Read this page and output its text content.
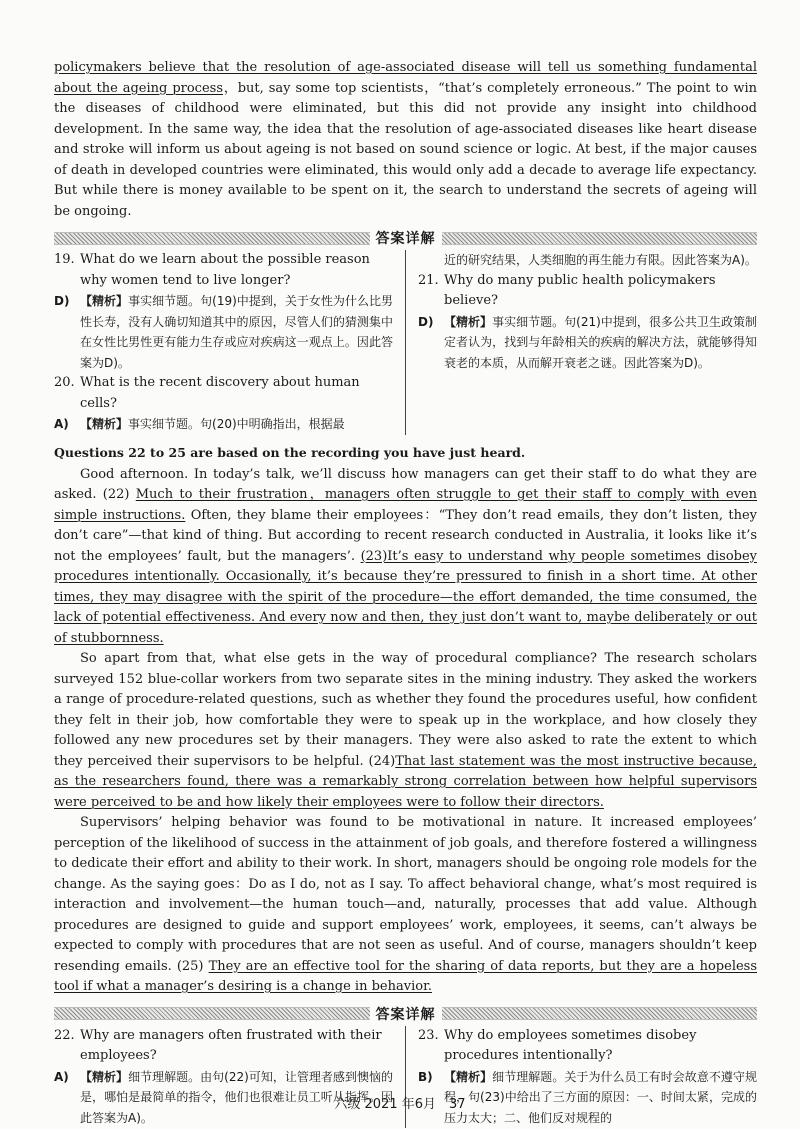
policymakers believe that the resolution of age-associated disease will tell us something fundamental about the ageing process，but, say some top scientists，“that’s completely erroneous.” The point to win the diseases of childhood were eliminated, but this did not provide any insight into childhood development. In the same way, the idea that the resolution of age-associated diseases like heart disease and stroke will inform us about ageing is not based on sound science or logic. At best, if the major causes of death in developed countries were eliminated, this would only add a decade to average life expectancy. But while there is money available to be spent on it, the search to understand the secrets of ageing will be ongoing.

答案详解
19. What do we learn about the possible reason why women tend to live longer?
D) 【精析】事实细节题。句(19)中提到，关于女性为什么比男性长寿，没有人确切知道其中的原因，尽管人们的猜测集中在女性比男性更有能力生存或应对疾病这一观点上。因此答案为D)。
20. What is the recent discovery about human cells?
A) 【精析】事实细节题。句(20)中明确指出，根据最
近的研究结果，人类细胞的再生能力有限。因此答案为A)。
21. Why do many public health policymakers believe?
D) 【精析】事实细节题。句(21)中提到，很多公共卫生政策制定者认为，找到与年龄相关的疾病的解决方法，就能够得知衰老的本质，从而解开衰老之谜。因此答案为D)。

Questions 22 to 25 are based on the recording you have just heard.

Good afternoon. In today’s talk, we’ll discuss how managers can get their staff to do what they are asked. (22) Much to their frustration，managers often struggle to get their staff to comply with even simple instructions. Often, they blame their employees：“They don’t read emails, they don’t listen, they don’t care”—that kind of thing. But according to recent research conducted in Australia, it looks like it’s not the employees’ fault, but the managers’. (23)It’s easy to understand why people sometimes disobey procedures intentionally. Occasionally, it’s because they’re pressured to finish in a short time. At other times, they may disagree with the spirit of the procedure—the effort demanded, the time consumed, the lack of potential effectiveness. And every now and then, they just don’t want to, maybe deliberately or out of stubbornness.

So apart from that, what else gets in the way of procedural compliance? The research scholars surveyed 152 blue-collar workers from two separate sites in the mining industry. They asked the workers a range of procedure-related questions, such as whether they found the procedures useful, how confident they felt in their job, how comfortable they were to speak up in the workplace, and how closely they followed any new procedures set by their managers. They were also asked to rate the extent to which they perceived their supervisors to be helpful. (24)That last statement was the most instructive because, as the researchers found, there was a remarkably strong correlation between how helpful supervisors were perceived to be and how likely their employees were to follow their directors.

Supervisors’ helping behavior was found to be motivational in nature. It increased employees’ perception of the likelihood of success in the attainment of job goals, and therefore fostered a willingness to dedicate their effort and ability to their work. In short, managers should be ongoing role models for the change. As the saying goes：Do as I do, not as I say. To affect behavioral change, what’s most required is interaction and involvement—the human touch—and, naturally, processes that add value. Although procedures are designed to guide and support employees’ work, employees, it seems, can’t always be expected to comply with procedures that are not seen as useful. And of course, managers shouldn’t keep resending emails. (25) They are an effective tool for the sharing of data reports, but they are a hopeless tool if what a manager’s desiring is a change in behavior.

答案详解
22. Why are managers often frustrated with their employees?
A) 【精析】细节理解题。由句(22)可知，让管理者感到懊恼的是，哪怕是最简单的指令，他们也很难让员工听从指挥。因此答案为A)。
23. Why do employees sometimes disobey procedures intentionally?
B) 【精析】细节理解题。关于为什么员工有时会故意不遵守规程，句(23)中给出了三方面的原因：一、时间太紧，完成的压力太大；二、他们反对规程的
六级 2021 年6月　37
